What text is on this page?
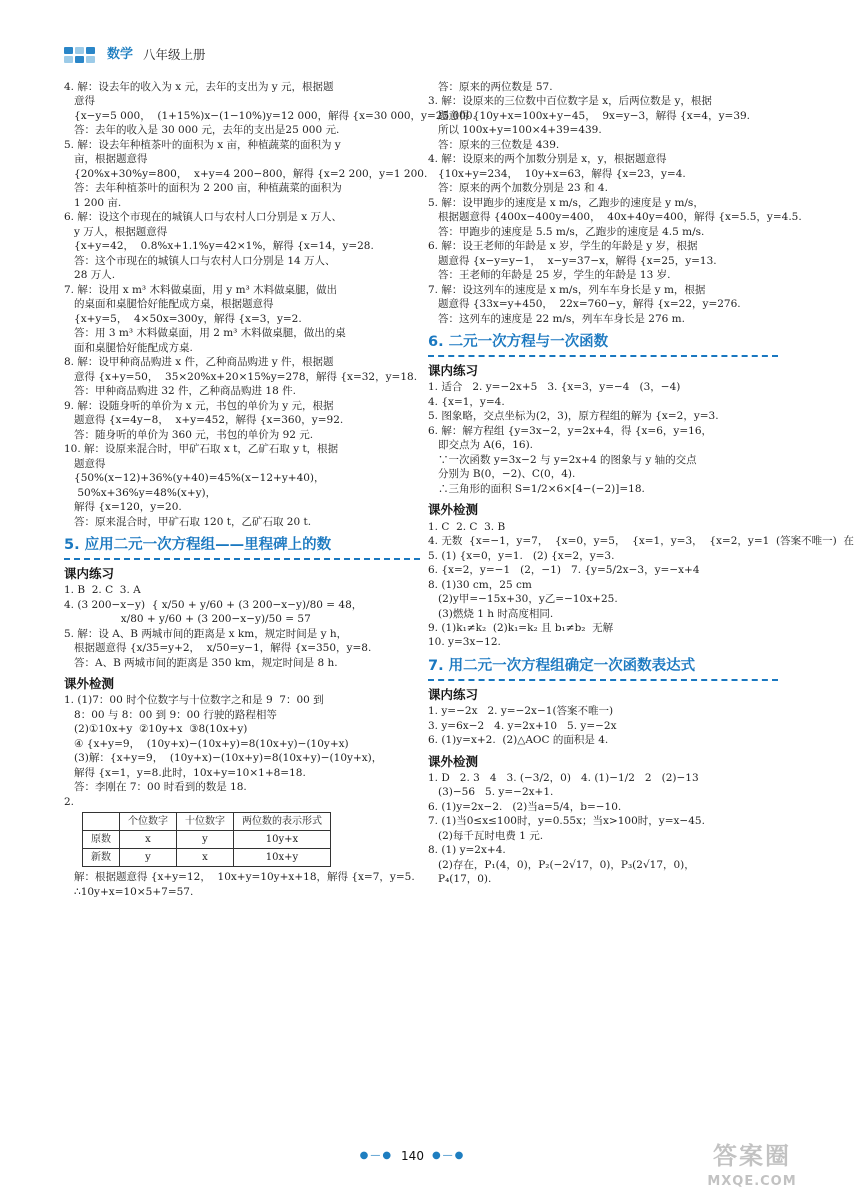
数学 八年级上册
4. 解：设去年的收入为 x 元，去年的支出为 y 元，根据题
意得
{x−y=5 000，  (1+15%)x−(1−10%)y=12 000，解得 {x=30 000，y=25 000.
答：去年的收入是 30 000 元，去年的支出是25 000 元.
5. 解：设去年种植茶叶的面积为 x 亩，种植蔬菜的面积为 y
亩，根据题意得
{20%x+30%y=800，  x+y=4 200−800，解得 {x=2 200，y=1 200.
答：去年种植茶叶的面积为 2 200 亩，种植蔬菜的面积为
1 200 亩.
6. 解：设这个市现在的城镇人口与农村人口分别是 x 万人、
y 万人，根据题意得
{x+y=42，  0.8%x+1.1%y=42×1%，解得 {x=14，y=28.
答：这个市现在的城镇人口与农村人口分别是 14 万人、
28 万人.
7. 解：设用 x m³ 木料做桌面，用 y m³ 木料做桌腿，做出
的桌面和桌腿恰好能配成方桌，根据题意得
{x+y=5，  4×50x=300y，解得 {x=3，y=2.
答：用 3 m³ 木料做桌面，用 2 m³ 木料做桌腿，做出的桌
面和桌腿恰好能配成方桌.
8. 解：设甲种商品购进 x 件，乙种商品购进 y 件，根据题
意得 {x+y=50，  35×20%x+20×15%y=278，解得 {x=32，y=18.
答：甲种商品购进 32 件，乙种商品购进 18 件.
9. 解：设随身听的单价为 x 元，书包的单价为 y 元，根据
题意得 {x=4y−8，  x+y=452，解得 {x=360，y=92.
答：随身听的单价为 360 元，书包的单价为 92 元.
10. 解：设原来混合时，甲矿石取 x t，乙矿石取 y t，根据
题意得
{50%(x−12)+36%(y+40)=45%(x−12+y+40)，
50%x+36%y=48%(x+y)，
解得 {x=120，y=20.
答：原来混合时，甲矿石取 120 t，乙矿石取 20 t.
5. 应用二元一次方程组——里程碑上的数
课内练习
1. B  2. C  3. A
4. (3 200−x−y)  { x/50 + y/60 + (3 200−x−y)/80 = 48，
x/80 + y/60 + (3 200−x−y)/50 = 57
5. 解：设 A、B 两城市间的距离是 x km，规定时间是 y h，
根据题意得 {x/35=y+2，  x/50=y−1，解得 {x=350，y=8.
答：A、B 两城市间的距离是 350 km，规定时间是 8 h.
课外检测
1. (1)7：00 时个位数字与十位数字之和是 9  7：00 到
8：00 与 8：00 到 9：00 行驶的路程相等
(2)①10x+y  ②10y+x  ③8(10x+y)
④ {x+y=9，  (10y+x)−(10x+y)=8(10x+y)−(10y+x)
(3)解：{x+y=9，  (10y+x)−(10x+y)=8(10x+y)−(10y+x)，
解得 {x=1，y=8.此时，10x+y=10×1+8=18.
答：李刚在 7：00 时看到的数是 18.
2.
	个位数字	十位数字	两位数的表示形式
原数	x	y	10y+x
新数	y	x	10x+y
解：根据题意得 {x+y=12，  10x+y=10y+x+18，解得 {x=7，y=5.
∴10y+x=10×5+7=57.
答：原来的两位数是 57.
3. 解：设原来的三位数中百位数字是 x，后两位数是 y，根据
题意得 {10y+x=100x+y−45，  9x=y−3，解得 {x=4，y=39.
所以 100x+y=100×4+39=439.
答：原来的三位数是 439.
4. 解：设原来的两个加数分别是 x，y，根据题意得
{10x+y=234，  10y+x=63，解得 {x=23，y=4.
答：原来的两个加数分别是 23 和 4.
5. 解：设甲跑步的速度是 x m/s，乙跑步的速度是 y m/s，
根据题意得 {400x−400y=400，  40x+40y=400，解得 {x=5.5，y=4.5.
答：甲跑步的速度是 5.5 m/s，乙跑步的速度是 4.5 m/s.
6. 解：设王老师的年龄是 x 岁，学生的年龄是 y 岁，根据
题意得 {x−y=y−1，  x−y=37−x，解得 {x=25，y=13.
答：王老师的年龄是 25 岁，学生的年龄是 13 岁.
7. 解：设这列车的速度是 x m/s，列车车身长是 y m，根据
题意得 {33x=y+450，  22x=760−y，解得 {x=22，y=276.
答：这列车的速度是 22 m/s，列车车身长是 276 m.
6. 二元一次方程与一次函数
课内练习
1. 适合   2. y=−2x+5   3. {x=3，y=−4   (3，−4)
4. {x=1，y=4.
5. 图象略，交点坐标为(2，3)，原方程组的解为 {x=2，y=3.
6. 解：解方程组 {y=3x−2，y=2x+4，得 {x=6，y=16，
即交点为 A(6，16).
∵一次函数 y=3x−2 与 y=2x+4 的图象与 y 轴的交点
分别为 B(0，−2)、C(0，4).
∴三角形的面积 S=1/2×6×[4−(−2)]=18.
课外检测
1. C  2. C  3. B
4. 无数  {x=−1，y=7，  {x=0，y=5，  {x=1，y=3，  {x=2，y=1  (答案不唯一)  在
5. (1) {x=0，y=1.   (2) {x=2，y=3.
6. {x=2，y=−1   (2，−1)   7. {y=5/2x−3，y=−x+4
8. (1)30 cm，25 cm
(2)y甲=−15x+30，y乙=−10x+25.
(3)燃烧 1 h 时高度相同.
9. (1)k₁≠k₂  (2)k₁=k₂ 且 b₁≠b₂  无解
10. y=3x−12.
7. 用二元一次方程组确定一次函数表达式
课内练习
1. y=−2x   2. y=−2x−1(答案不唯一)
3. y=6x−2   4. y=2x+10   5. y=−2x
6. (1)y=x+2.  (2)△AOC 的面积是 4.
课外检测
1. D   2. 3   4   3. (−3/2，0)   4. (1)−1/2   2   (2)−13
(3)−56   5. y=−2x+1.
6. (1)y=2x−2.   (2)当a=5/4，b=−10.
7. (1)当0≤x≤100时，y=0.55x；当x>100时，y=x−45.
(2)每千瓦时电费 1 元.
8. (1) y=2x+4.
(2)存在，P₁(4，0)，P₂(−2√17，0)，P₃(2√17，0)，
P₄(17，0).
●—● 140 ●—●	答案圈
MXQE.COM
